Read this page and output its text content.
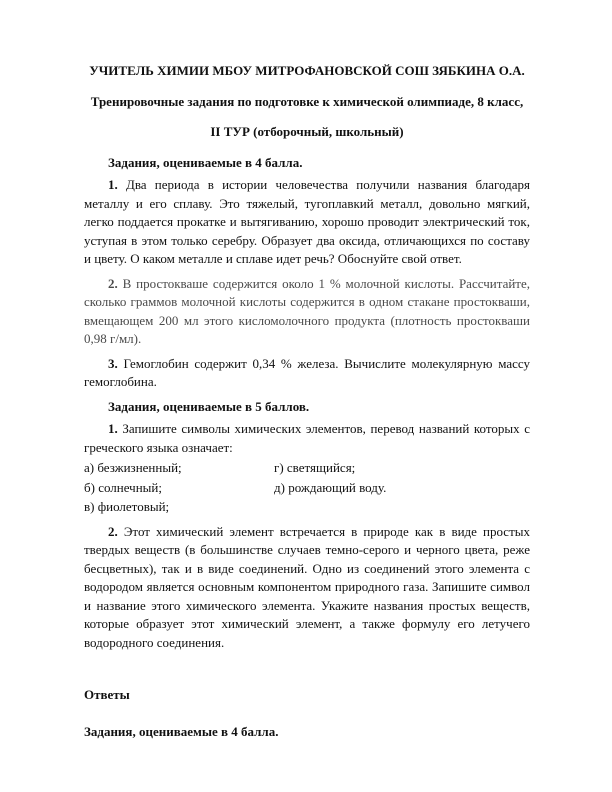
УЧИТЕЛЬ ХИМИИ МБОУ МИТРОФАНОВСКОЙ СОШ ЗЯБКИНА О.А.

Тренировочные задания по подготовке к химической олимпиаде, 8 класс,

II ТУР (отборочный, школьный)

Задания, оцениваемые в 4 балла.

1. Два периода в истории человечества получили названия благодаря металлу и его сплаву. Это тяжелый, тугоплавкий металл, довольно мягкий, легко поддается прокатке и вытягиванию, хорошо проводит электрический ток, уступая в этом только серебру. Образует два оксида, отличающихся по составу и цвету. О каком металле и сплаве идет речь? Обоснуйте свой ответ.

2. В простокваше содержится около 1 % молочной кислоты. Рассчитайте, сколько граммов молочной кислоты содержится в одном стакане простокваши, вмещающем 200 мл этого кисломолочного продукта (плотность простокваши 0,98 г/мл).

3. Гемоглобин содержит 0,34 % железа. Вычислите молекулярную массу гемоглобина.

Задания, оцениваемые в 5 баллов.

1. Запишите символы химических элементов, перевод названий которых с греческого языка означает:

а) безжизненный;	г) светящийся;
б) солнечный;	д) рождающий воду.
в) фиолетовый;

2. Этот химический элемент встречается в природе как в виде простых твердых веществ (в большинстве случаев темно-серого и черного цвета, реже бесцветных), так и в виде соединений. Одно из соединений этого элемента с водородом является основным компонентом природного газа. Запишите символ и название этого химического элемента. Укажите названия простых веществ, которые образует этот химический элемент, а также формулу его летучего водородного соединения.

Ответы

Задания, оцениваемые в 4 балла.
